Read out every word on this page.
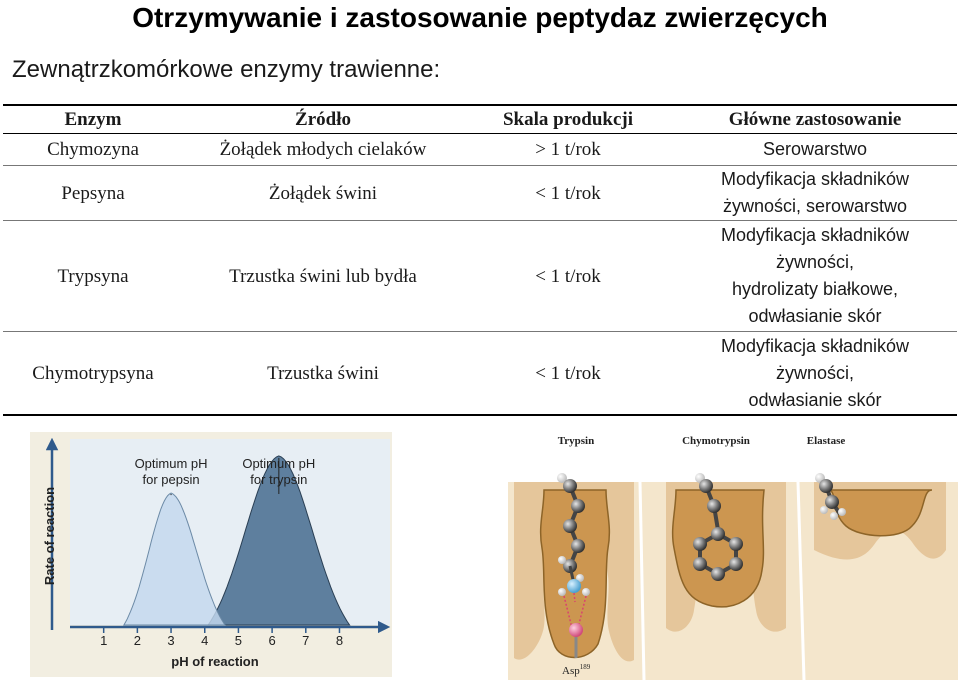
Otrzymywanie i zastosowanie peptydaz zwierzęcych
Zewnątrzkomórkowe enzymy trawienne:
Enzym	Źródło	Skala produkcji	Główne zastosowanie
Chymozyna	Żołądek młodych cielaków	> 1 t/rok	Serowarstwo
Pepsyna	Żołądek świni	< 1 t/rok	Modyfikacja składników
żywności, serowarstwo
Trypsyna	Trzustka świni lub bydła	< 1 t/rok	Modyfikacja składników
żywności,
hydrolizaty białkowe,
odwłasianie skór
Chymotrypsyna	Trzustka świni	< 1 t/rok	Modyfikacja składników
żywności,
odwłasianie skór
Optimum pH
for pepsin
Optimum pH
for trypsin
1 2 3 4 5 6 7 8
pH of reaction
Rate of reaction
Trypsin	Chymotrypsin	Elastase
Asp$^{189}$
